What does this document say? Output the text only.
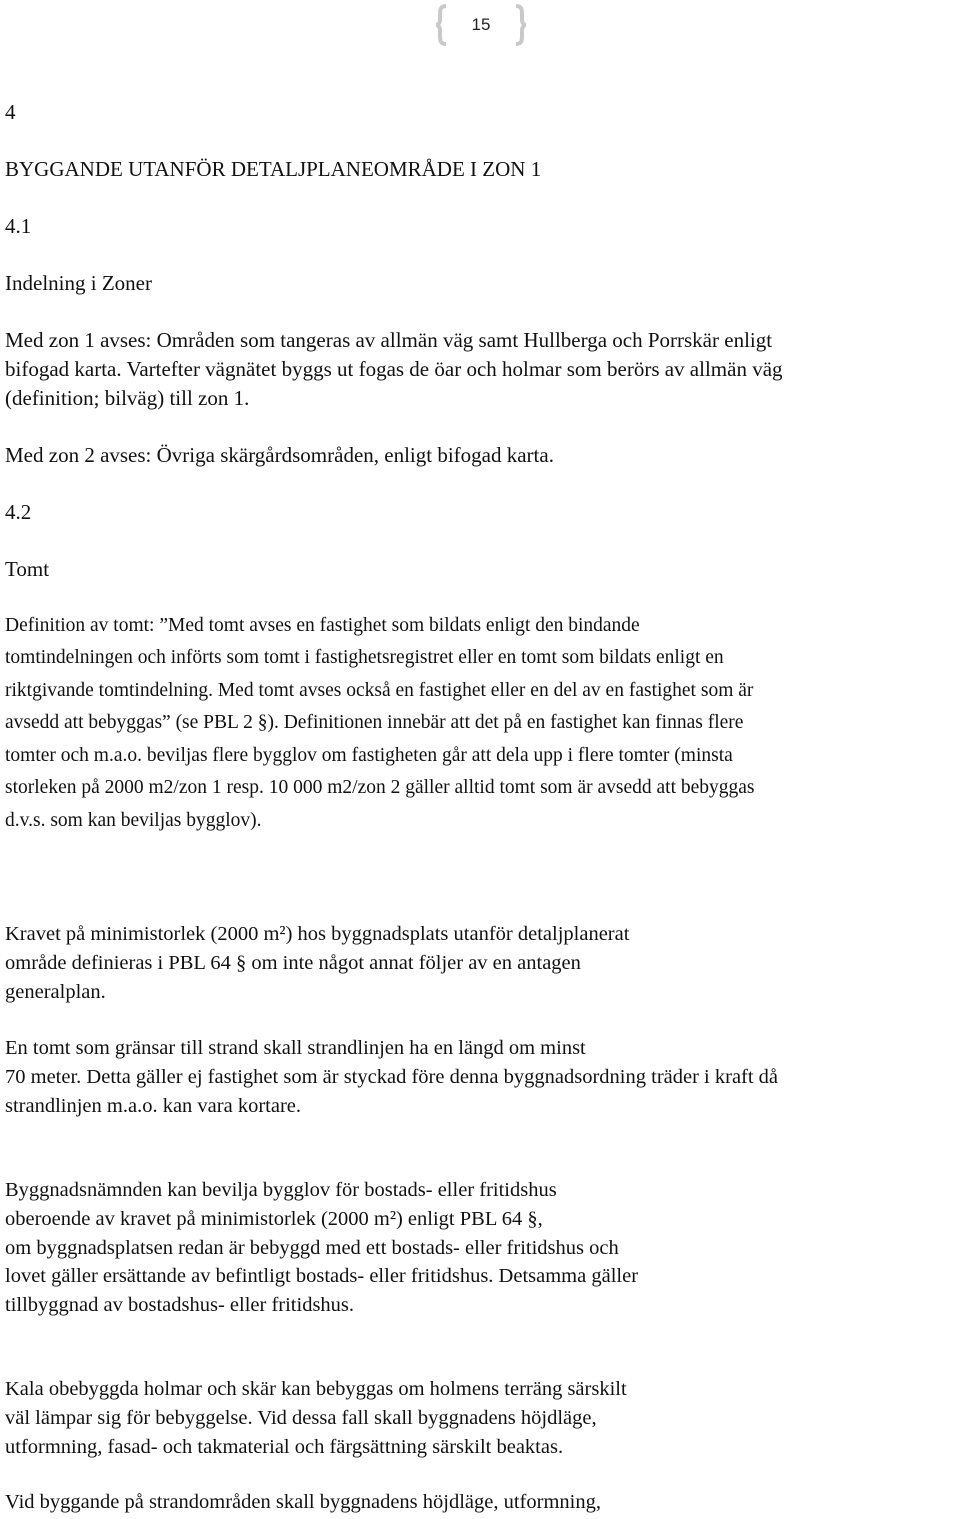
15

4

BYGGANDE UTANFÖR DETALJPLANEOMRÅDE I ZON 1

4.1

Indelning i Zoner

Med zon 1 avses: Områden som tangeras av allmän väg samt Hullberga och Porrskär enligt

bifogad karta. Vartefter vägnätet byggs ut fogas de öar och holmar som berörs av allmän väg

(definition; bilväg) till zon 1.

Med zon 2 avses: Övriga skärgårdsområden, enligt bifogad karta.

4.2

Tomt

Definition av tomt: ”Med tomt avses en fastighet som bildats enligt den bindande

tomtindelningen och införts som tomt i fastighetsregistret eller en tomt som bildats enligt en

riktgivande tomtindelning. Med tomt avses också en fastighet eller en del av en fastighet som är

avsedd att bebyggas” (se PBL 2 §). Definitionen innebär att det på en fastighet kan finnas flere

tomter och m.a.o. beviljas flere bygglov om fastigheten går att dela upp i flere tomter (minsta

storleken på 2000 m2/zon 1 resp. 10 000 m2/zon 2 gäller alltid tomt som är avsedd att bebyggas

d.v.s. som kan beviljas bygglov).

Kravet på minimistorlek (2000 m²) hos byggnadsplats utanför detaljplanerat
område definieras i PBL 64 § om inte något annat följer av en antagen
generalplan.
En tomt som gränsar till strand skall strandlinjen ha en längd om minst
70 meter. Detta gäller ej fastighet som är styckad före denna byggnadsordning träder i kraft då
strandlinjen m.a.o. kan vara kortare.
Byggnadsnämnden kan bevilja bygglov för bostads- eller fritidshus
oberoende av kravet på minimistorlek (2000 m²) enligt PBL 64 §,
om byggnadsplatsen redan är bebyggd med ett bostads- eller fritidshus och
lovet gäller ersättande av befintligt bostads- eller fritidshus. Detsamma gäller
tillbyggnad av bostadshus- eller fritidshus.
Kala obebyggda holmar och skär kan bebyggas om holmens terräng särskilt
väl lämpar sig för bebyggelse. Vid dessa fall skall byggnadens höjdläge,
utformning, fasad- och takmaterial och färgsättning särskilt beaktas.

Vid byggande på strandområden skall byggnadens höjdläge, utformning,
